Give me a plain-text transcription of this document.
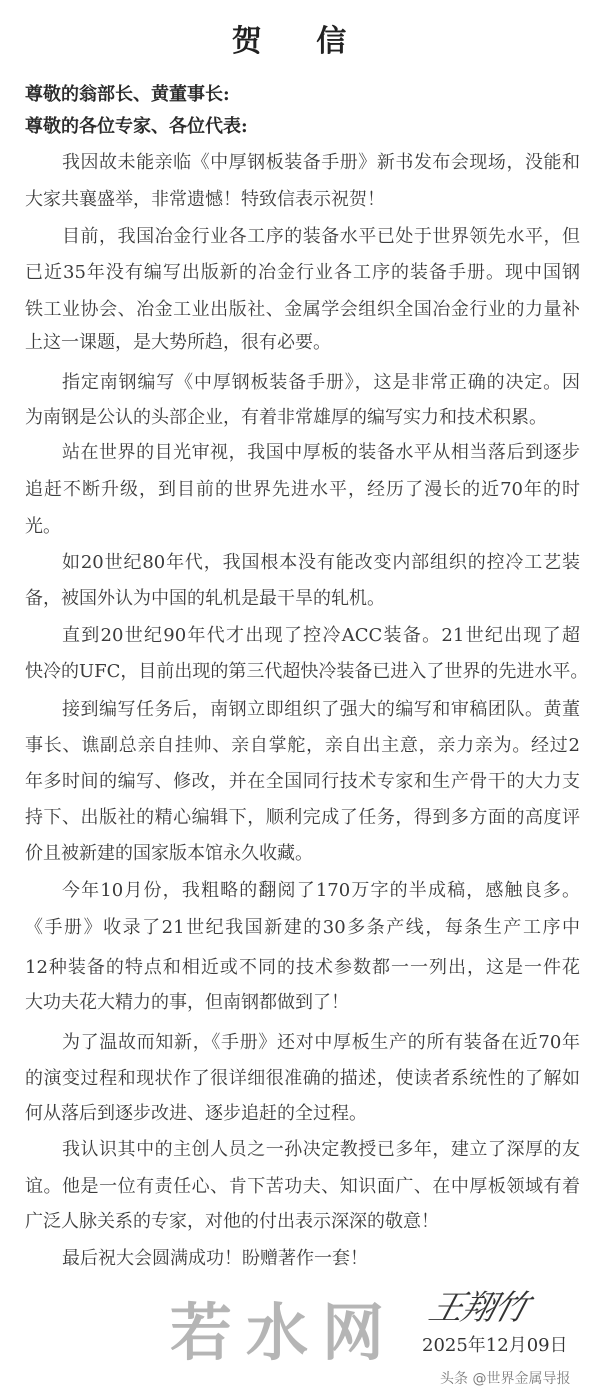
贺 信
尊敬的翁部长、黄董事长:
尊敬的各位专家、各位代表:
我因故未能亲临《中厚钢板装备手册》新书发布会现场，没能和
大家共襄盛举，非常遗憾！特致信表示祝贺！
目前，我国冶金行业各工序的装备水平已处于世界领先水平，但
已近35年没有编写出版新的冶金行业各工序的装备手册。现中国钢
铁工业协会、冶金工业出版社、金属学会组织全国冶金行业的力量补
上这一课题，是大势所趋，很有必要。
指定南钢编写《中厚钢板装备手册》，这是非常正确的决定。因
为南钢是公认的头部企业，有着非常雄厚的编写实力和技术积累。
站在世界的目光审视，我国中厚板的装备水平从相当落后到逐步
追赶不断升级，到目前的世界先进水平，经历了漫长的近70年的时
光。
如20世纪80年代，我国根本没有能改变内部组织的控冷工艺装
备，被国外认为中国的轧机是最干旱的轧机。
直到20世纪90年代才出现了控冷ACC装备。21世纪出现了超
快冷的UFC，目前出现的第三代超快冷装备已进入了世界的先进水平。
接到编写任务后，南钢立即组织了强大的编写和审稿团队。黄董
事长、谯副总亲自挂帅、亲自掌舵，亲自出主意，亲力亲为。经过2
年多时间的编写、修改，并在全国同行技术专家和生产骨干的大力支
持下、出版社的精心编辑下，顺利完成了任务，得到多方面的高度评
价且被新建的国家版本馆永久收藏。
今年10月份，我粗略的翻阅了170万字的半成稿，感触良多。
《手册》收录了21世纪我国新建的30多条产线，每条生产工序中
12种装备的特点和相近或不同的技术参数都一一列出，这是一件花
大功夫花大精力的事，但南钢都做到了！
为了温故而知新，《手册》还对中厚板生产的所有装备在近70年
的演变过程和现状作了很详细很准确的描述，使读者系统性的了解如
何从落后到逐步改进、逐步追赶的全过程。
我认识其中的主创人员之一孙决定教授已多年，建立了深厚的友
谊。他是一位有责任心、肯下苦功夫、知识面广、在中厚板领域有着
广泛人脉关系的专家，对他的付出表示深深的敬意！
最后祝大会圆满成功！盼赠著作一套！
若水网 王翔竹
2025年12月09日
头条 @世界金属导报
